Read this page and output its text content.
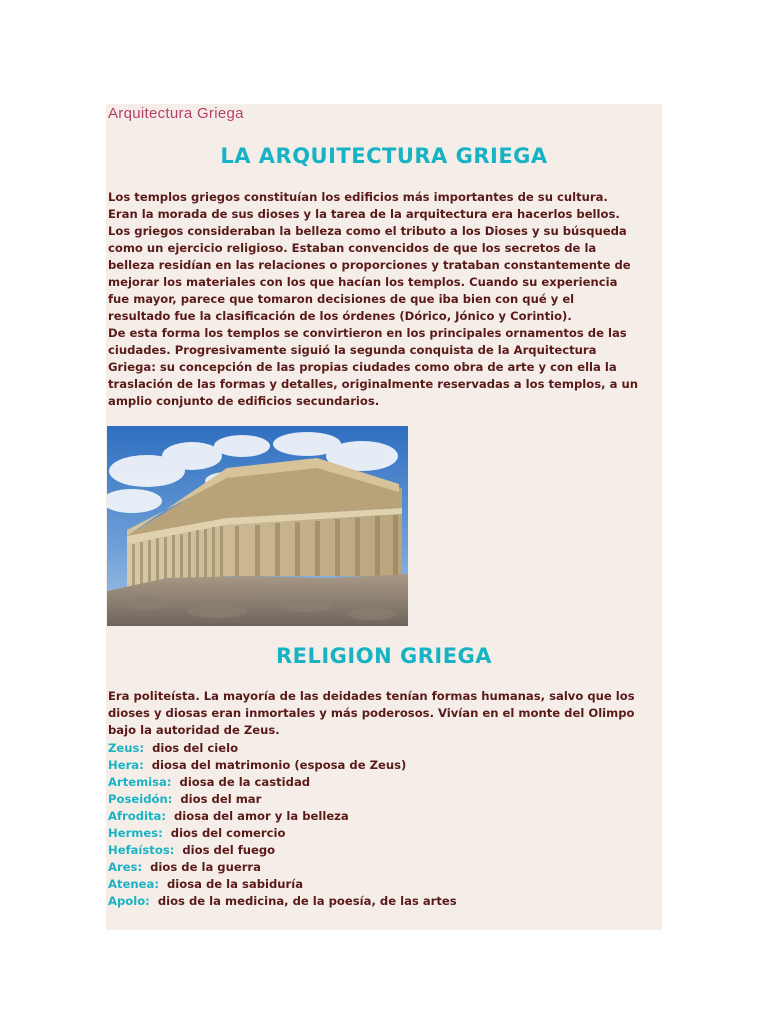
Arquitectura Griega
LA ARQUITECTURA GRIEGA
Los templos griegos constituían los edificios más importantes de su cultura.
Eran la morada de sus dioses y la tarea de la arquitectura era hacerlos bellos.
Los griegos consideraban la belleza como el tributo a los Dioses y su búsqueda
como un ejercicio religioso. Estaban convencidos de que los secretos de la
belleza residían en las relaciones o proporciones y trataban constantemente de
mejorar los materiales con los que hacían los templos. Cuando su experiencia
fue mayor, parece que tomaron decisiones de que iba bien con qué y el
resultado fue la clasificación de los órdenes (Dórico, Jónico y Corintio).
De esta forma los templos se convirtieron en los principales ornamentos de las
ciudades. Progresivamente siguió la segunda conquista de la Arquitectura
Griega: su concepción de las propias ciudades como obra de arte y con ella la
traslación de las formas y detalles, originalmente reservadas a los templos, a un
amplio conjunto de edificios secundarios.
RELIGION GRIEGA
Era politeísta. La mayoría de las deidades tenían formas humanas, salvo que los
dioses y diosas eran inmortales y más poderosos. Vivían en el monte del Olimpo
bajo la autoridad de Zeus.
Zeus: dios del cielo
Hera: diosa del matrimonio (esposa de Zeus)
Artemisa: diosa de la castidad
Poseidón: dios del mar
Afrodita: diosa del amor y la belleza
Hermes: dios del comercio
Hefaístos: dios del fuego
Ares: dios de la guerra
Atenea: diosa de la sabiduría
Apolo: dios de la medicina, de la poesía, de las artes
